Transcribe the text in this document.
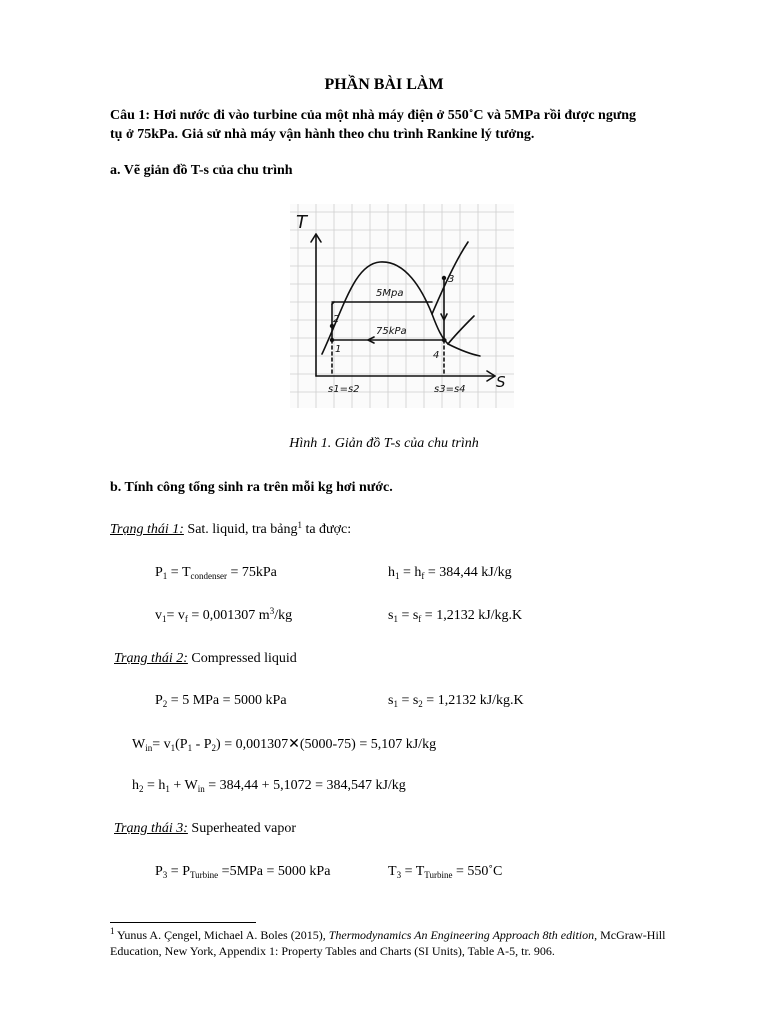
PHẦN BÀI LÀM
Câu 1: Hơi nước đi vào turbine của một nhà máy điện ở 550˚C và 5MPa rồi được ngưng
tụ ở 75kPa. Giả sử nhà máy vận hành theo chu trình Rankine lý tưởng.
a. Vẽ giản đồ T-s của chu trình
T
S
5Mpa
75kPa
1
2
3
4
s1=s2	s3=s4
Hình 1. Giản đồ T-s của chu trình
b. Tính công tổng sinh ra trên mỗi kg hơi nước.
Trạng thái 1: Sat. liquid, tra bảng$^1$ ta được:
$P_1 = T_{condenser} = 75kPa$	$h_1 = h_f = 384,44$ kJ/kg
$v_1= v_f = 0,001307$ $m^3/kg$	$s_1 = s_f = 1,2132$ kJ/kg.K
Trạng thái 2: Compressed liquid
$P_2 = 5$ MPa = 5000 kPa	$s_1 = s_2 = 1,2132$ kJ/kg.K
$W_{in}= v_1(P_1 - P_2)$ = 0,001307✕(5000-75) = 5,107 kJ/kg
$h_2 = h_1 + W_{in} = 384,44 + 5,1072 = 384,547$ kJ/kg
Trạng thái 3: Superheated vapor
$P_3 = P_{Turbine} =5MPa = 5000$ kPa	$T_3 = T_{Turbine}$ = 550˚C
$^1$ Yunus A. Çengel, Michael A. Boles (2015), Thermodynamics An Engineering Approach 8th edition, McGraw-Hill Education, New York, Appendix 1: Property Tables and Charts (SI Units), Table A-5, tr. 906.
